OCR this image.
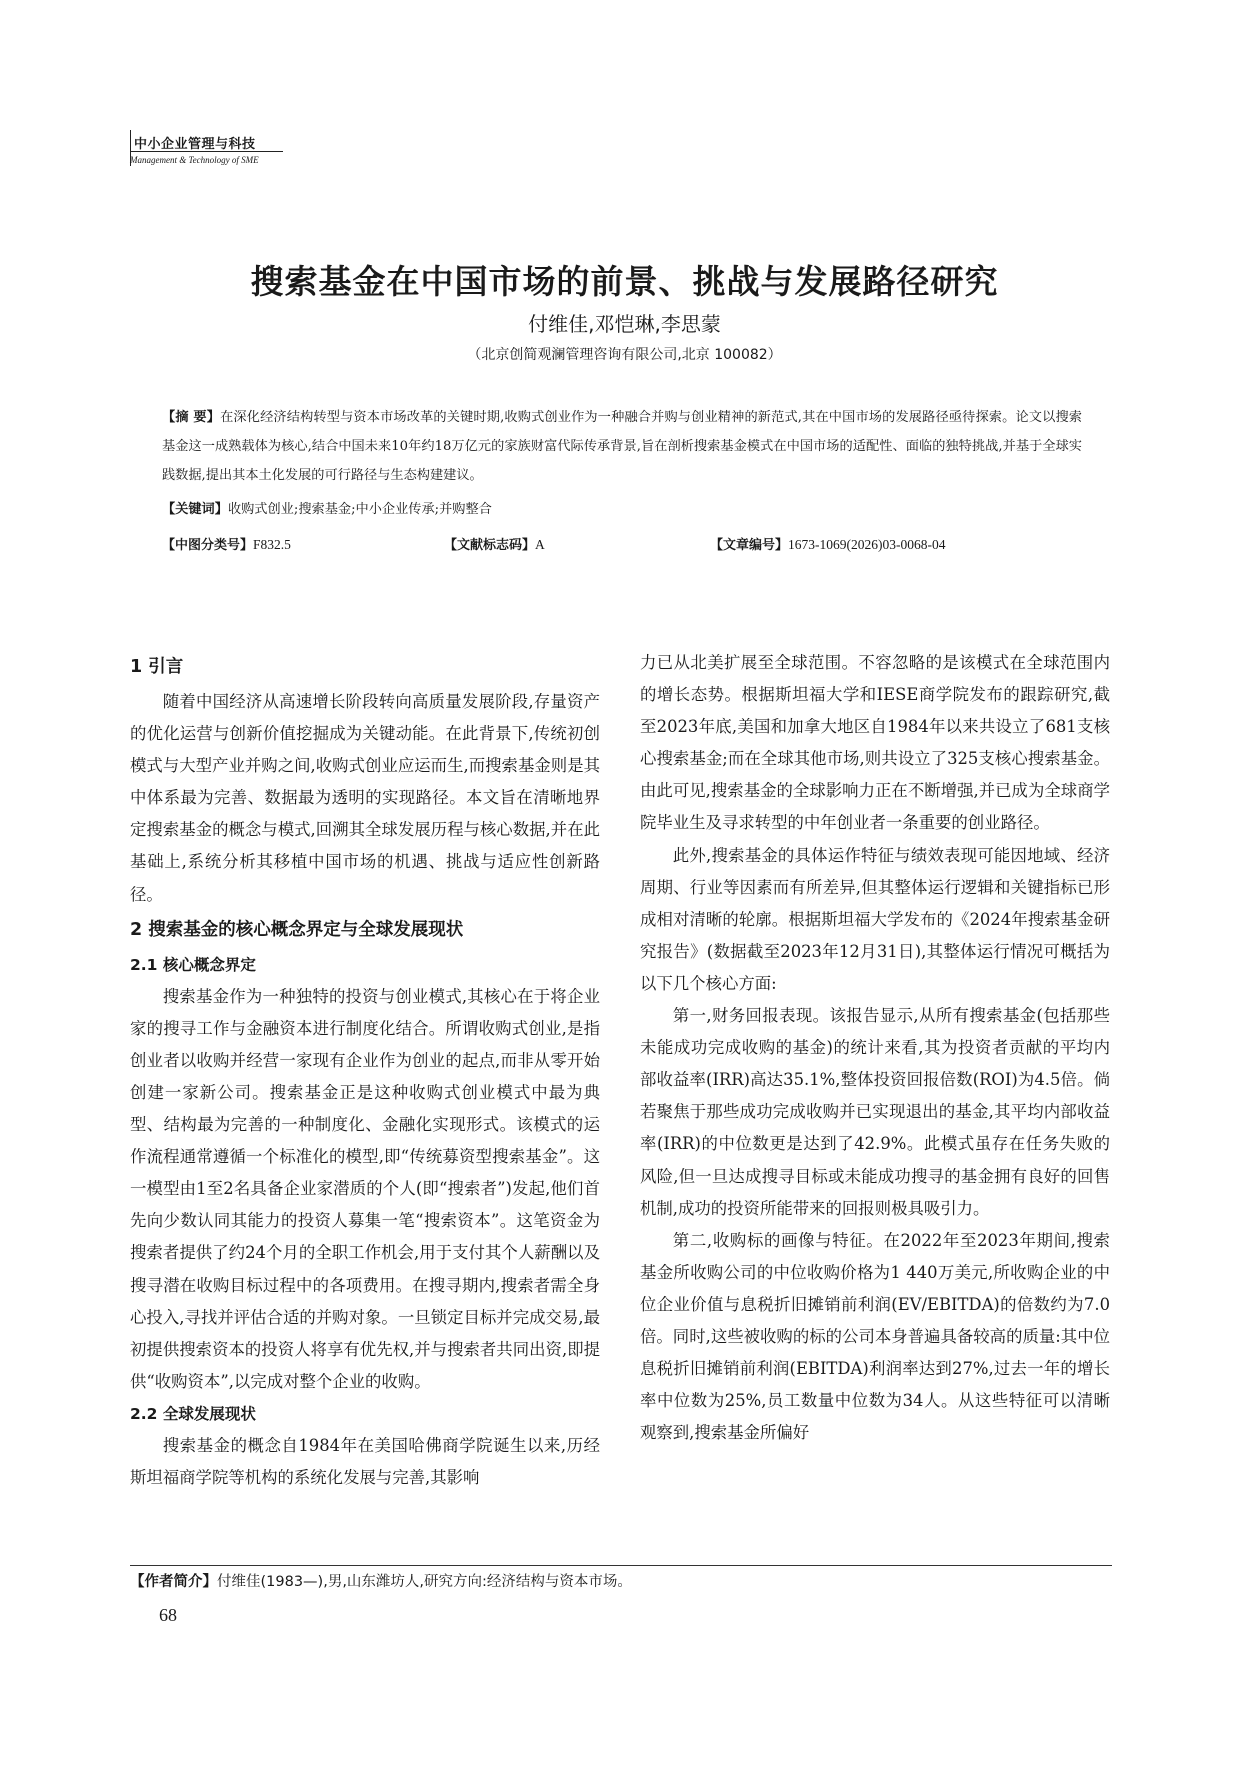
中小企业管理与科技
Management & Technology of SME
搜索基金在中国市场的前景、挑战与发展路径研究
付维佳,邓恺琳,李思蒙
（北京创简观澜管理咨询有限公司,北京 100082）
【摘 要】在深化经济结构转型与资本市场改革的关键时期,收购式创业作为一种融合并购与创业精神的新范式,其在中国市场的发展路径亟待探索。论文以搜索基金这一成熟载体为核心,结合中国未来10年约18万亿元的家族财富代际传承背景,旨在剖析搜索基金模式在中国市场的适配性、面临的独特挑战,并基于全球实践数据,提出其本土化发展的可行路径与生态构建建议。
【关键词】收购式创业;搜索基金;中小企业传承;并购整合
【中图分类号】F832.5	【文献标志码】A	【文章编号】1673-1069(2026)03-0068-04
1 引言

随着中国经济从高速增长阶段转向高质量发展阶段,存量资产的优化运营与创新价值挖掘成为关键动能。在此背景下,传统初创模式与大型产业并购之间,收购式创业应运而生,而搜索基金则是其中体系最为完善、数据最为透明的实现路径。本文旨在清晰地界定搜索基金的概念与模式,回溯其全球发展历程与核心数据,并在此基础上,系统分析其移植中国市场的机遇、挑战与适应性创新路径。

2 搜索基金的核心概念界定与全球发展现状
2.1 核心概念界定

搜索基金作为一种独特的投资与创业模式,其核心在于将企业家的搜寻工作与金融资本进行制度化结合。所谓收购式创业,是指创业者以收购并经营一家现有企业作为创业的起点,而非从零开始创建一家新公司。搜索基金正是这种收购式创业模式中最为典型、结构最为完善的一种制度化、金融化实现形式。该模式的运作流程通常遵循一个标准化的模型,即“传统募资型搜索基金”。这一模型由1至2名具备企业家潜质的个人(即“搜索者”)发起,他们首先向少数认同其能力的投资人募集一笔“搜索资本”。这笔资金为搜索者提供了约24个月的全职工作机会,用于支付其个人薪酬以及搜寻潜在收购目标过程中的各项费用。在搜寻期内,搜索者需全身心投入,寻找并评估合适的并购对象。一旦锁定目标并完成交易,最初提供搜索资本的投资人将享有优先权,并与搜索者共同出资,即提供“收购资本”,以完成对整个企业的收购。

2.2 全球发展现状

搜索基金的概念自1984年在美国哈佛商学院诞生以来,历经斯坦福商学院等机构的系统化发展与完善,其影响

力已从北美扩展至全球范围。不容忽略的是该模式在全球范围内的增长态势。根据斯坦福大学和IESE商学院发布的跟踪研究,截至2023年底,美国和加拿大地区自1984年以来共设立了681支核心搜索基金;而在全球其他市场,则共设立了325支核心搜索基金。由此可见,搜索基金的全球影响力正在不断增强,并已成为全球商学院毕业生及寻求转型的中年创业者一条重要的创业路径。

此外,搜索基金的具体运作特征与绩效表现可能因地域、经济周期、行业等因素而有所差异,但其整体运行逻辑和关键指标已形成相对清晰的轮廓。根据斯坦福大学发布的《2024年搜索基金研究报告》(数据截至2023年12月31日),其整体运行情况可概括为以下几个核心方面:

第一,财务回报表现。该报告显示,从所有搜索基金(包括那些未能成功完成收购的基金)的统计来看,其为投资者贡献的平均内部收益率(IRR)高达35.1%,整体投资回报倍数(ROI)为4.5倍。倘若聚焦于那些成功完成收购并已实现退出的基金,其平均内部收益率(IRR)的中位数更是达到了42.9%。此模式虽存在任务失败的风险,但一旦达成搜寻目标或未能成功搜寻的基金拥有良好的回售机制,成功的投资所能带来的回报则极具吸引力。

第二,收购标的画像与特征。在2022年至2023年期间,搜索基金所收购公司的中位收购价格为1 440万美元,所收购企业的中位企业价值与息税折旧摊销前利润(EV/EBITDA)的倍数约为7.0倍。同时,这些被收购的标的公司本身普遍具备较高的质量:其中位息税折旧摊销前利润(EBITDA)利润率达到27%,过去一年的增长率中位数为25%,员工数量中位数为34人。从这些特征可以清晰观察到,搜索基金所偏好

【作者简介】付维佳(1983—),男,山东潍坊人,研究方向:经济结构与资本市场。
68
